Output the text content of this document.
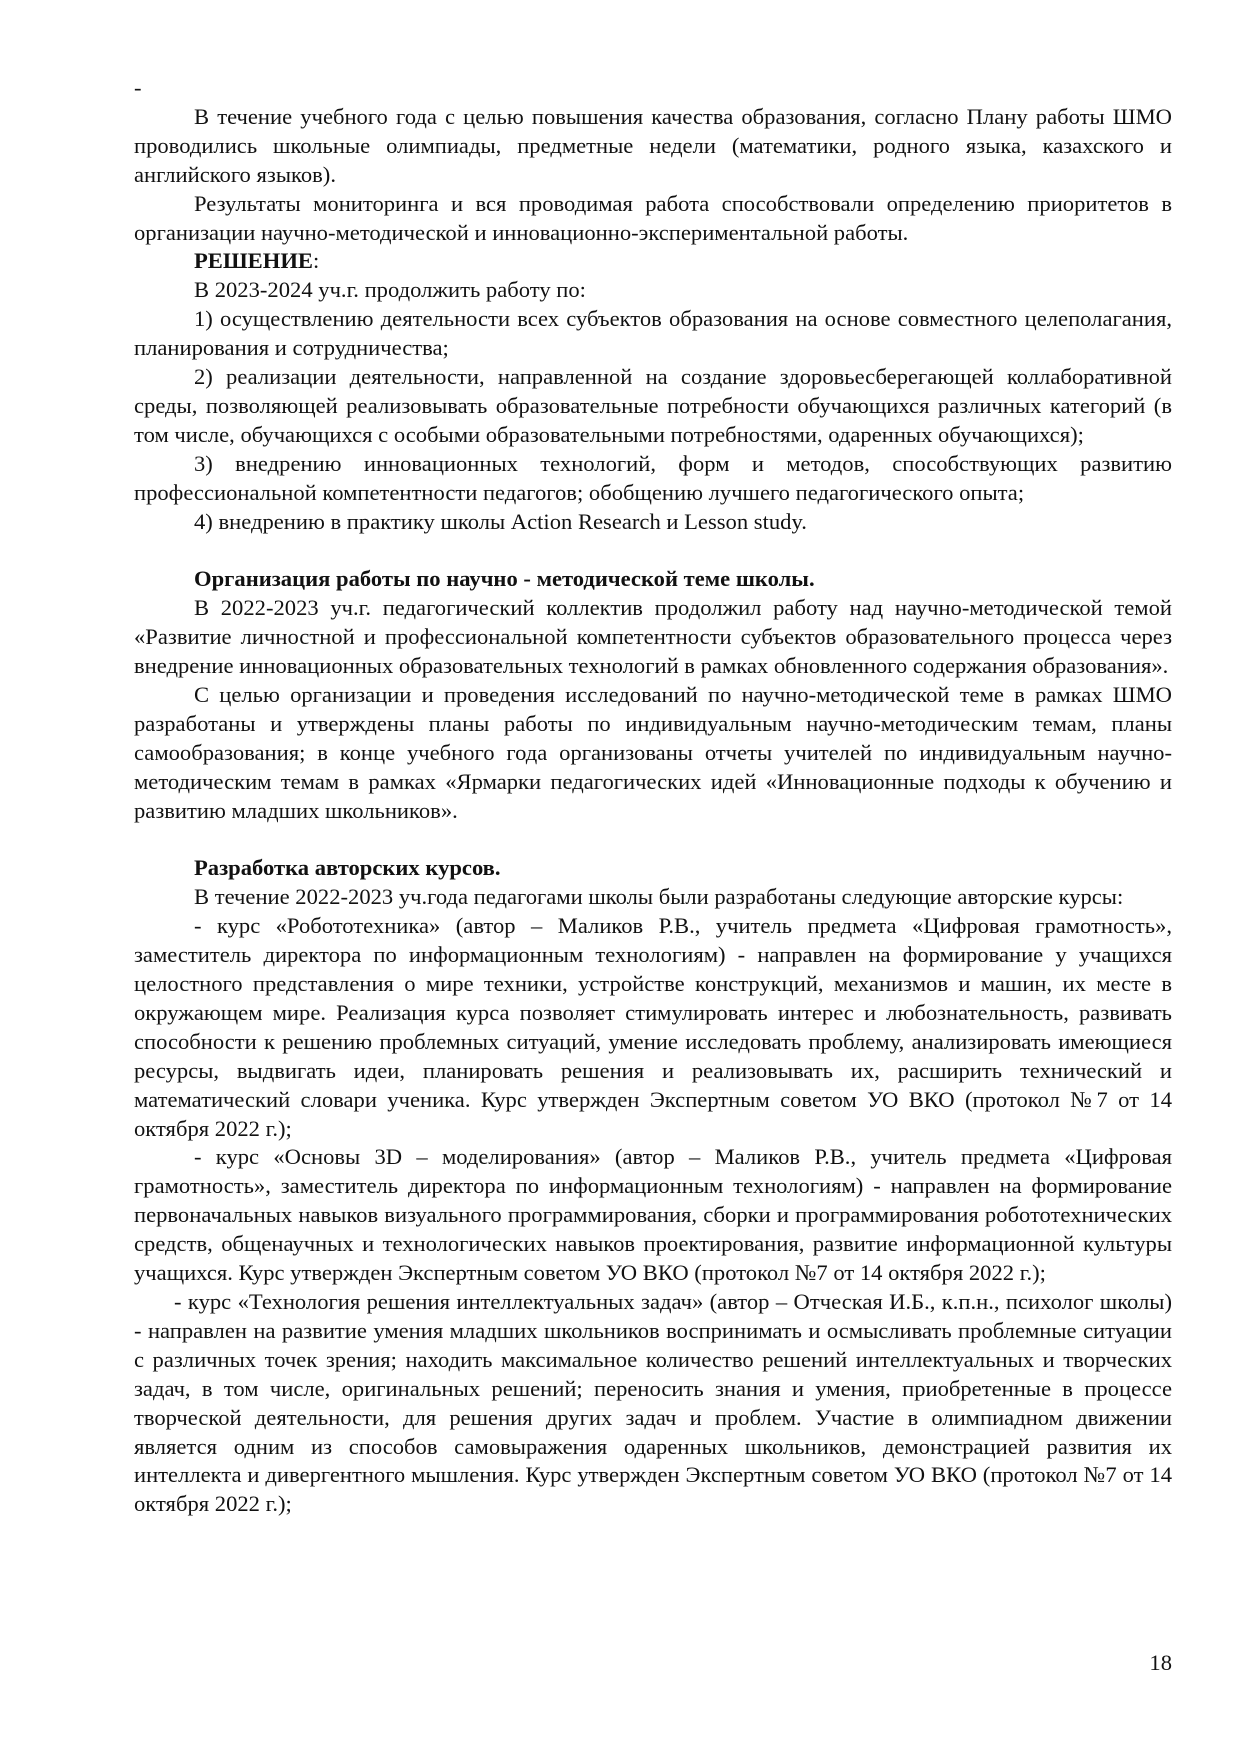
-

В течение учебного года с целью повышения качества образования, согласно Плану работы ШМО проводились школьные олимпиады, предметные недели (математики, родного языка, казахского и английского языков).

Результаты мониторинга и вся проводимая работа способствовали определению приоритетов в организации научно-методической и инновационно-экспериментальной работы.

РЕШЕНИЕ:

В 2023-2024 уч.г. продолжить работу по:

1) осуществлению деятельности всех субъектов образования на основе совместного целеполагания, планирования и сотрудничества;

2) реализации деятельности, направленной на создание здоровьесберегающей коллаборативной среды, позволяющей реализовывать образовательные потребности обучающихся различных категорий (в том числе, обучающихся с особыми образовательными потребностями, одаренных обучающихся);

3) внедрению инновационных технологий, форм и методов, способствующих развитию профессиональной компетентности педагогов; обобщению лучшего педагогического опыта;

4) внедрению в практику школы Action Research и Lesson study.

Организация работы по научно - методической теме школы.

В 2022-2023 уч.г. педагогический коллектив продолжил работу над научно-методической темой «Развитие личностной и профессиональной компетентности субъектов образовательного процесса через внедрение инновационных образовательных технологий в рамках обновленного содержания образования».

С целью организации и проведения исследований по научно-методической теме в рамках ШМО разработаны и утверждены планы работы по индивидуальным научно-методическим темам, планы самообразования; в конце учебного года организованы отчеты учителей по индивидуальным научно-методическим темам в рамках «Ярмарки педагогических идей «Инновационные подходы к обучению и развитию младших школьников».

Разработка авторских курсов.

В течение 2022-2023 уч.года педагогами школы были разработаны следующие авторские курсы:

- курс «Робототехника» (автор – Маликов Р.В., учитель предмета «Цифровая грамотность», заместитель директора по информационным технологиям) - направлен на формирование у учащихся целостного представления о мире техники, устройстве конструкций, механизмов и машин, их месте в окружающем мире. Реализация курса позволяет стимулировать интерес и любознательность, развивать способности к решению проблемных ситуаций, умение исследовать проблему, анализировать имеющиеся ресурсы, выдвигать идеи, планировать решения и реализовывать их, расширить технический и математический словари ученика. Курс утвержден Экспертным советом УО ВКО (протокол №7 от 14 октября 2022 г.);

- курс «Основы 3D – моделирования» (автор – Маликов Р.В., учитель предмета «Цифровая грамотность», заместитель директора по информационным технологиям) - направлен на формирование первоначальных навыков визуального программирования, сборки и программирования робототехнических средств, общенаучных и технологических навыков проектирования, развитие информационной культуры учащихся. Курс утвержден Экспертным советом УО ВКО (протокол №7 от 14 октября 2022 г.);

- курс «Технология решения интеллектуальных задач» (автор – Отческая И.Б., к.п.н., психолог школы) - направлен на развитие умения младших школьников воспринимать и осмысливать проблемные ситуации с различных точек зрения; находить максимальное количество решений интеллектуальных и творческих задач, в том числе, оригинальных решений; переносить знания и умения, приобретенные в процессе творческой деятельности, для решения других задач и проблем. Участие в олимпиадном движении является одним из способов самовыражения одаренных школьников, демонстрацией развития их интеллекта и дивергентного мышления. Курс утвержден Экспертным советом УО ВКО (протокол №7 от 14 октября 2022 г.);

18
